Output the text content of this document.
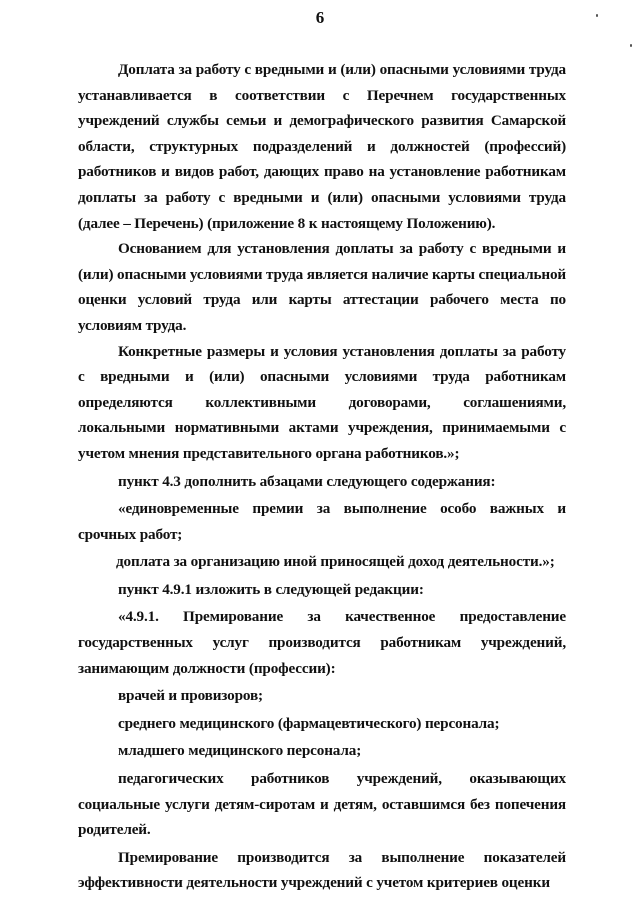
6

Доплата за работу с вредными и (или) опасными условиями труда устанавливается в соответствии с Перечнем государственных учреждений службы семьи и демографического развития Самарской области, структурных подразделений и должностей (профессий) работников и видов работ, дающих право на установление работникам доплаты за работу с вредными и (или) опасными условиями труда (далее – Перечень) (приложение 8 к настоящему Положению).

Основанием для установления доплаты за работу с вредными и (или) опасными условиями труда является наличие карты специальной оценки условий труда или карты аттестации рабочего места по условиям труда.

Конкретные размеры и условия установления доплаты за работу с вредными и (или) опасными условиями труда работникам определяются коллективными договорами, соглашениями, локальными нормативными актами учреждения, принимаемыми с учетом мнения представительного органа работников.»;

пункт 4.3 дополнить абзацами следующего содержания:

«единовременные премии за выполнение особо важных и срочных работ;

доплата за организацию иной приносящей доход деятельности.»;

пункт 4.9.1 изложить в следующей редакции:

«4.9.1. Премирование за качественное предоставление государственных услуг производится работникам учреждений, занимающим должности (профессии):

врачей и провизоров;

среднего медицинского (фармацевтического) персонала;

младшего медицинского персонала;

педагогических работников учреждений, оказывающих социальные услуги детям-сиротам и детям, оставшимся без попечения родителей.

Премирование производится за выполнение показателей эффективности деятельности учреждений с учетом критериев оценки
